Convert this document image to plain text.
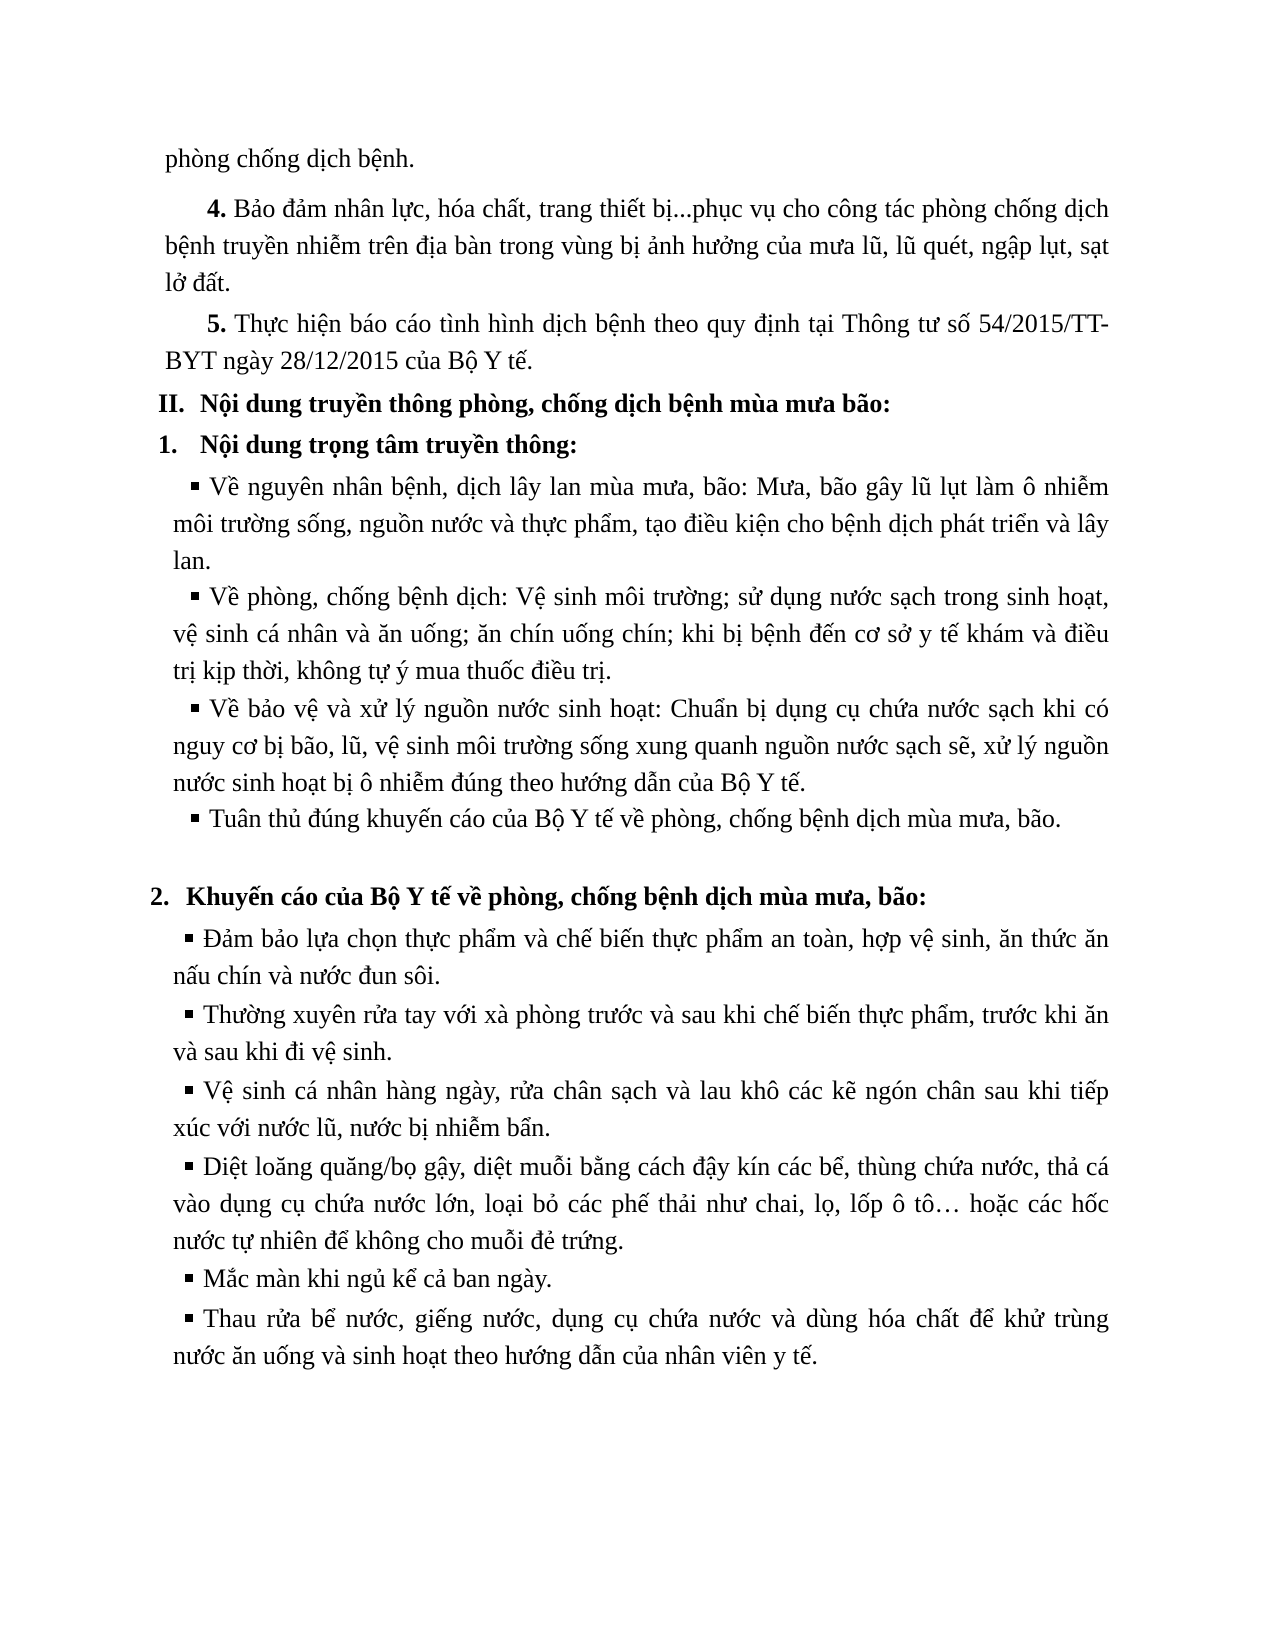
phòng chống dịch bệnh.

4. Bảo đảm nhân lực, hóa chất, trang thiết bị...phục vụ cho công tác phòng chống dịch bệnh truyền nhiễm trên địa bàn trong vùng bị ảnh hưởng của mưa lũ, lũ quét, ngập lụt, sạt lở đất.

5. Thực hiện báo cáo tình hình dịch bệnh theo quy định tại Thông tư số 54/2015/TT-BYT ngày 28/12/2015 của Bộ Y tế.

II. Nội dung truyền thông phòng, chống dịch bệnh mùa mưa bão:
1. Nội dung trọng tâm truyền thông:

Về nguyên nhân bệnh, dịch lây lan mùa mưa, bão: Mưa, bão gây lũ lụt làm ô nhiễm môi trường sống, nguồn nước và thực phẩm, tạo điều kiện cho bệnh dịch phát triển và lây lan.

Về phòng, chống bệnh dịch: Vệ sinh môi trường; sử dụng nước sạch trong sinh hoạt, vệ sinh cá nhân và ăn uống; ăn chín uống chín; khi bị bệnh đến cơ sở y tế khám và điều trị kịp thời, không tự ý mua thuốc điều trị.

Về bảo vệ và xử lý nguồn nước sinh hoạt: Chuẩn bị dụng cụ chứa nước sạch khi có nguy cơ bị bão, lũ, vệ sinh môi trường sống xung quanh nguồn nước sạch sẽ, xử lý nguồn nước sinh hoạt bị ô nhiễm đúng theo hướng dẫn của Bộ Y tế.

Tuân thủ đúng khuyến cáo của Bộ Y tế về phòng, chống bệnh dịch mùa mưa, bão.

2. Khuyến cáo của Bộ Y tế về phòng, chống bệnh dịch mùa mưa, bão:

Đảm bảo lựa chọn thực phẩm và chế biến thực phẩm an toàn, hợp vệ sinh, ăn thức ăn nấu chín và nước đun sôi.

Thường xuyên rửa tay với xà phòng trước và sau khi chế biến thực phẩm, trước khi ăn và sau khi đi vệ sinh.

Vệ sinh cá nhân hàng ngày, rửa chân sạch và lau khô các kẽ ngón chân sau khi tiếp xúc với nước lũ, nước bị nhiễm bẩn.

Diệt loăng quăng/bọ gậy, diệt muỗi bằng cách đậy kín các bể, thùng chứa nước, thả cá vào dụng cụ chứa nước lớn, loại bỏ các phế thải như chai, lọ, lốp ô tô… hoặc các hốc nước tự nhiên để không cho muỗi đẻ trứng.

Mắc màn khi ngủ kể cả ban ngày.

Thau rửa bể nước, giếng nước, dụng cụ chứa nước và dùng hóa chất để khử trùng nước ăn uống và sinh hoạt theo hướng dẫn của nhân viên y tế.
